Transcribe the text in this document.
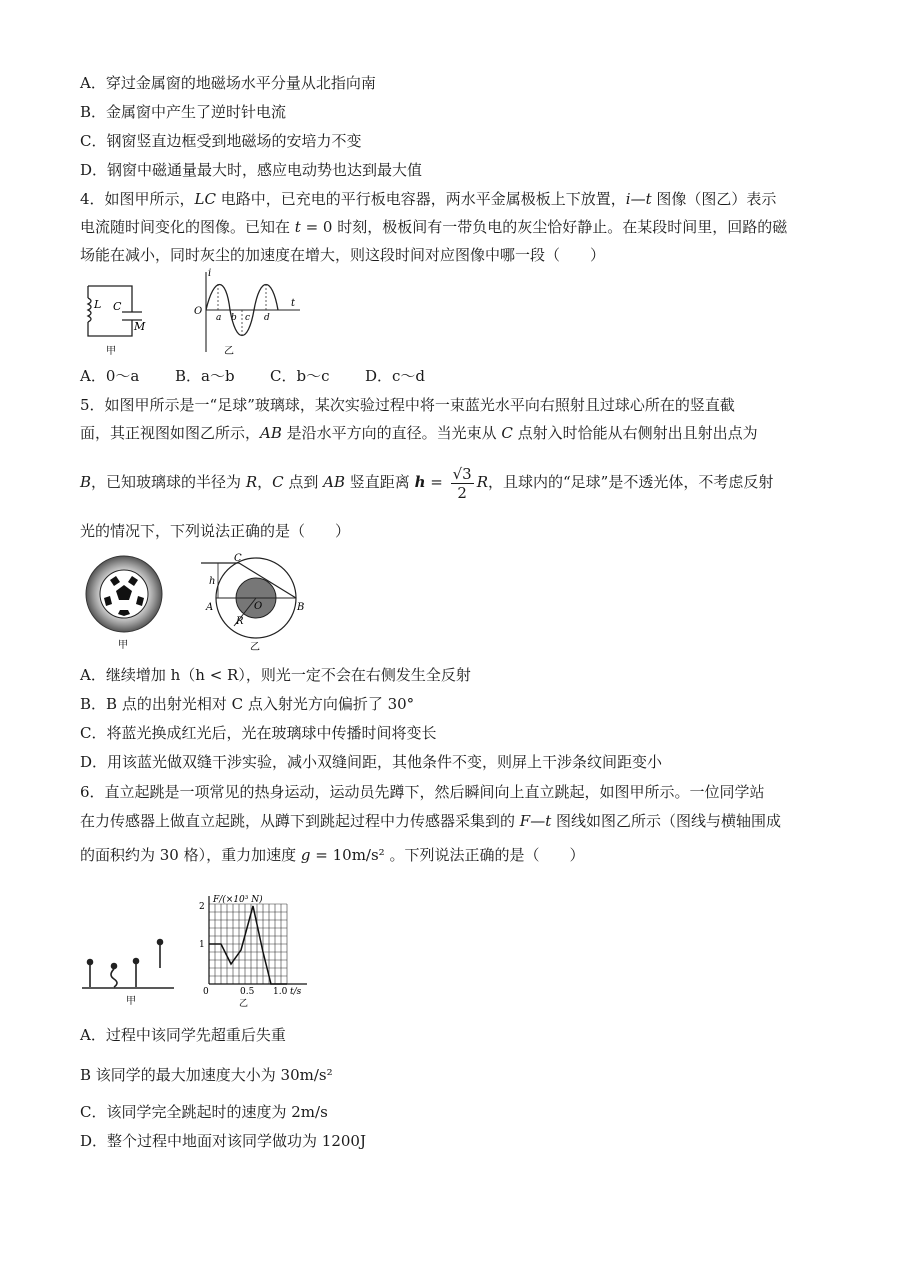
A．穿过金属窗的地磁场水平分量从北指向南
B．金属窗中产生了逆时针电流
C．钢窗竖直边框受到地磁场的安培力不变
D．钢窗中磁通量最大时，感应电动势也达到最大值
4．如图甲所示，LC 电路中，已充电的平行板电容器，两水平金属极板上下放置，i—t 图像（图乙）表示
电流随时间变化的图像。已知在 t = 0 时刻，极板间有一带负电的灰尘恰好静止。在某段时间里，回路的磁
场能在减小，同时灰尘的加速度在增大，则这段时间对应图像中哪一段（　　）
L C
M
甲
i
O
a b c d
t
乙
A．0～a B．a～b C．b～c D．c～d
5．如图甲所示是一“足球”玻璃球，某次实验过程中将一束蓝光水平向右照射且过球心所在的竖直截
面，其正视图如图乙所示，AB 是沿水平方向的直径。当光束从 C 点射入时恰能从右侧射出且射出点为
B，已知玻璃球的半径为 R，C 点到 AB 竖直距离 $h = \frac{√3}{2}$ R，且球内的“足球”是不透光体，不考虑反射
光的情况下，下列说法正确的是（　　）
甲
C
h
A	O	B
R
乙
A．继续增加 h（h < R），则光一定不会在右侧发生全反射
B．B 点的出射光相对 C 点入射光方向偏折了 30°
C．将蓝光换成红光后，光在玻璃球中传播时间将变长
D．用该蓝光做双缝干涉实验，减小双缝间距，其他条件不变，则屏上干涉条纹间距变小
6．直立起跳是一项常见的热身运动，运动员先蹲下，然后瞬间向上直立跳起，如图甲所示。一位同学站
在力传感器上做直立起跳，从蹲下到跳起过程中力传感器采集到的 F—t 图线如图乙所示（图线与横轴围成
的面积约为 30 格），重力加速度 g = 10m/s² 。下列说法正确的是（　　）
甲
F/(×10³ N)
2
1
0	0.5 1.0 t/s
乙
A．过程中该同学先超重后失重
B 该同学的最大加速度大小为 30m/s²
C．该同学完全跳起时的速度为 2m/s
D．整个过程中地面对该同学做功为 1200J
